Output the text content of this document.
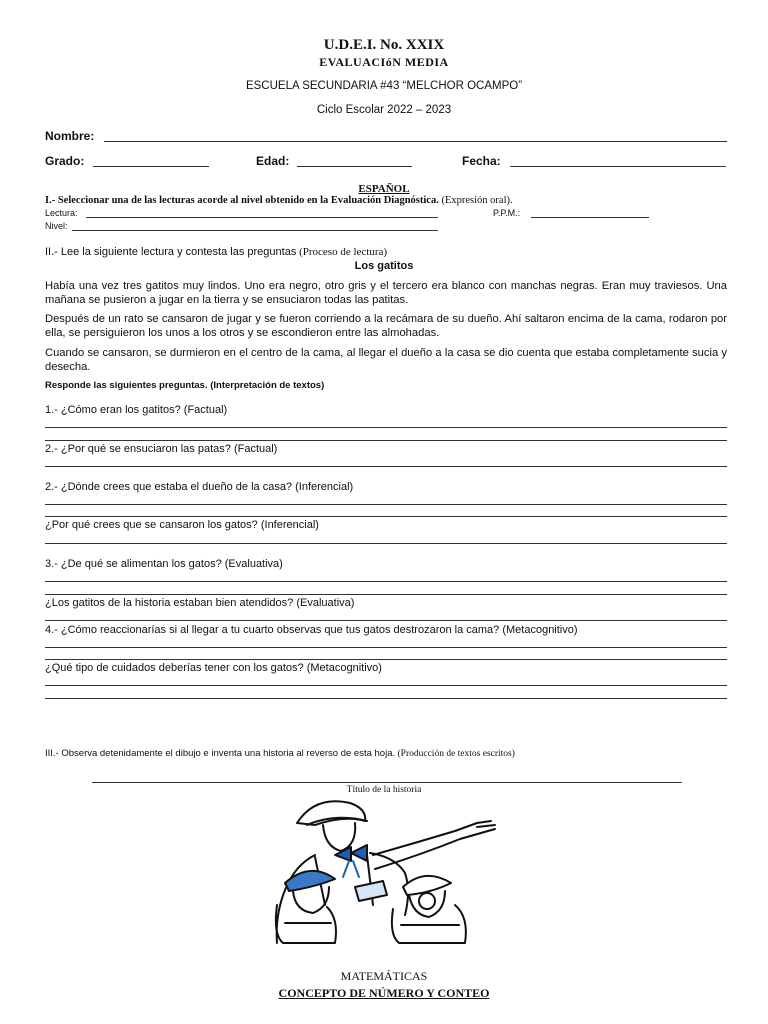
U.D.E.I. No. XXIX
EVALUACIóN MEDIA
ESCUELA SECUNDARIA #43 “MELCHOR OCAMPO”
Ciclo Escolar 2022 – 2023
Nombre:
Grado:	Edad:	Fecha:
ESPAÑOL
I.- Seleccionar una de las lecturas acorde al nivel obtenido en la Evaluación Diagnóstica. (Expresión oral).
Lectura:	P.P.M.:
Nivel:
II.- Lee la siguiente lectura y contesta las preguntas (Proceso de lectura)
Los gatitos
Había una vez tres gatitos muy lindos. Uno era negro, otro gris y el tercero era blanco con manchas negras. Eran muy traviesos. Una mañana se pusieron a jugar en la tierra y se ensuciaron todas las patitas.
Después de un rato se cansaron de jugar y se fueron corriendo a la recámara de su dueño. Ahí saltaron encima de la cama, rodaron por ella, se persiguieron los unos a los otros y se escondieron entre las almohadas.
Cuando se cansaron, se durmieron en el centro de la cama, al llegar el dueño a la casa se dio cuenta que estaba completamente sucia y desecha.
Responde las siguientes preguntas. (Interpretación de textos)
1.- ¿Cómo eran los gatitos? (Factual)
2.- ¿Por qué se ensuciaron las patas? (Factual)
2.- ¿Dónde crees que estaba el dueño de la casa? (Inferencial)
¿Por qué crees que se cansaron los gatos? (Inferencial)
3.- ¿De qué se alimentan los gatos? (Evaluativa)
¿Los gatitos de la historia estaban bien atendidos? (Evaluativa)
4.- ¿Cómo reaccionarías si al llegar a tu cuarto observas que tus gatos destrozaron la cama? (Metacognitivo)
¿Qué tipo de cuidados deberías tener con los gatos? (Metacognitivo)
III.- Observa detenidamente el dibujo e inventa una historia al reverso de esta hoja. (Producción de textos escritos)
Título de la historia
MATEMÁTICAS
CONCEPTO DE NÚMERO Y CONTEO
